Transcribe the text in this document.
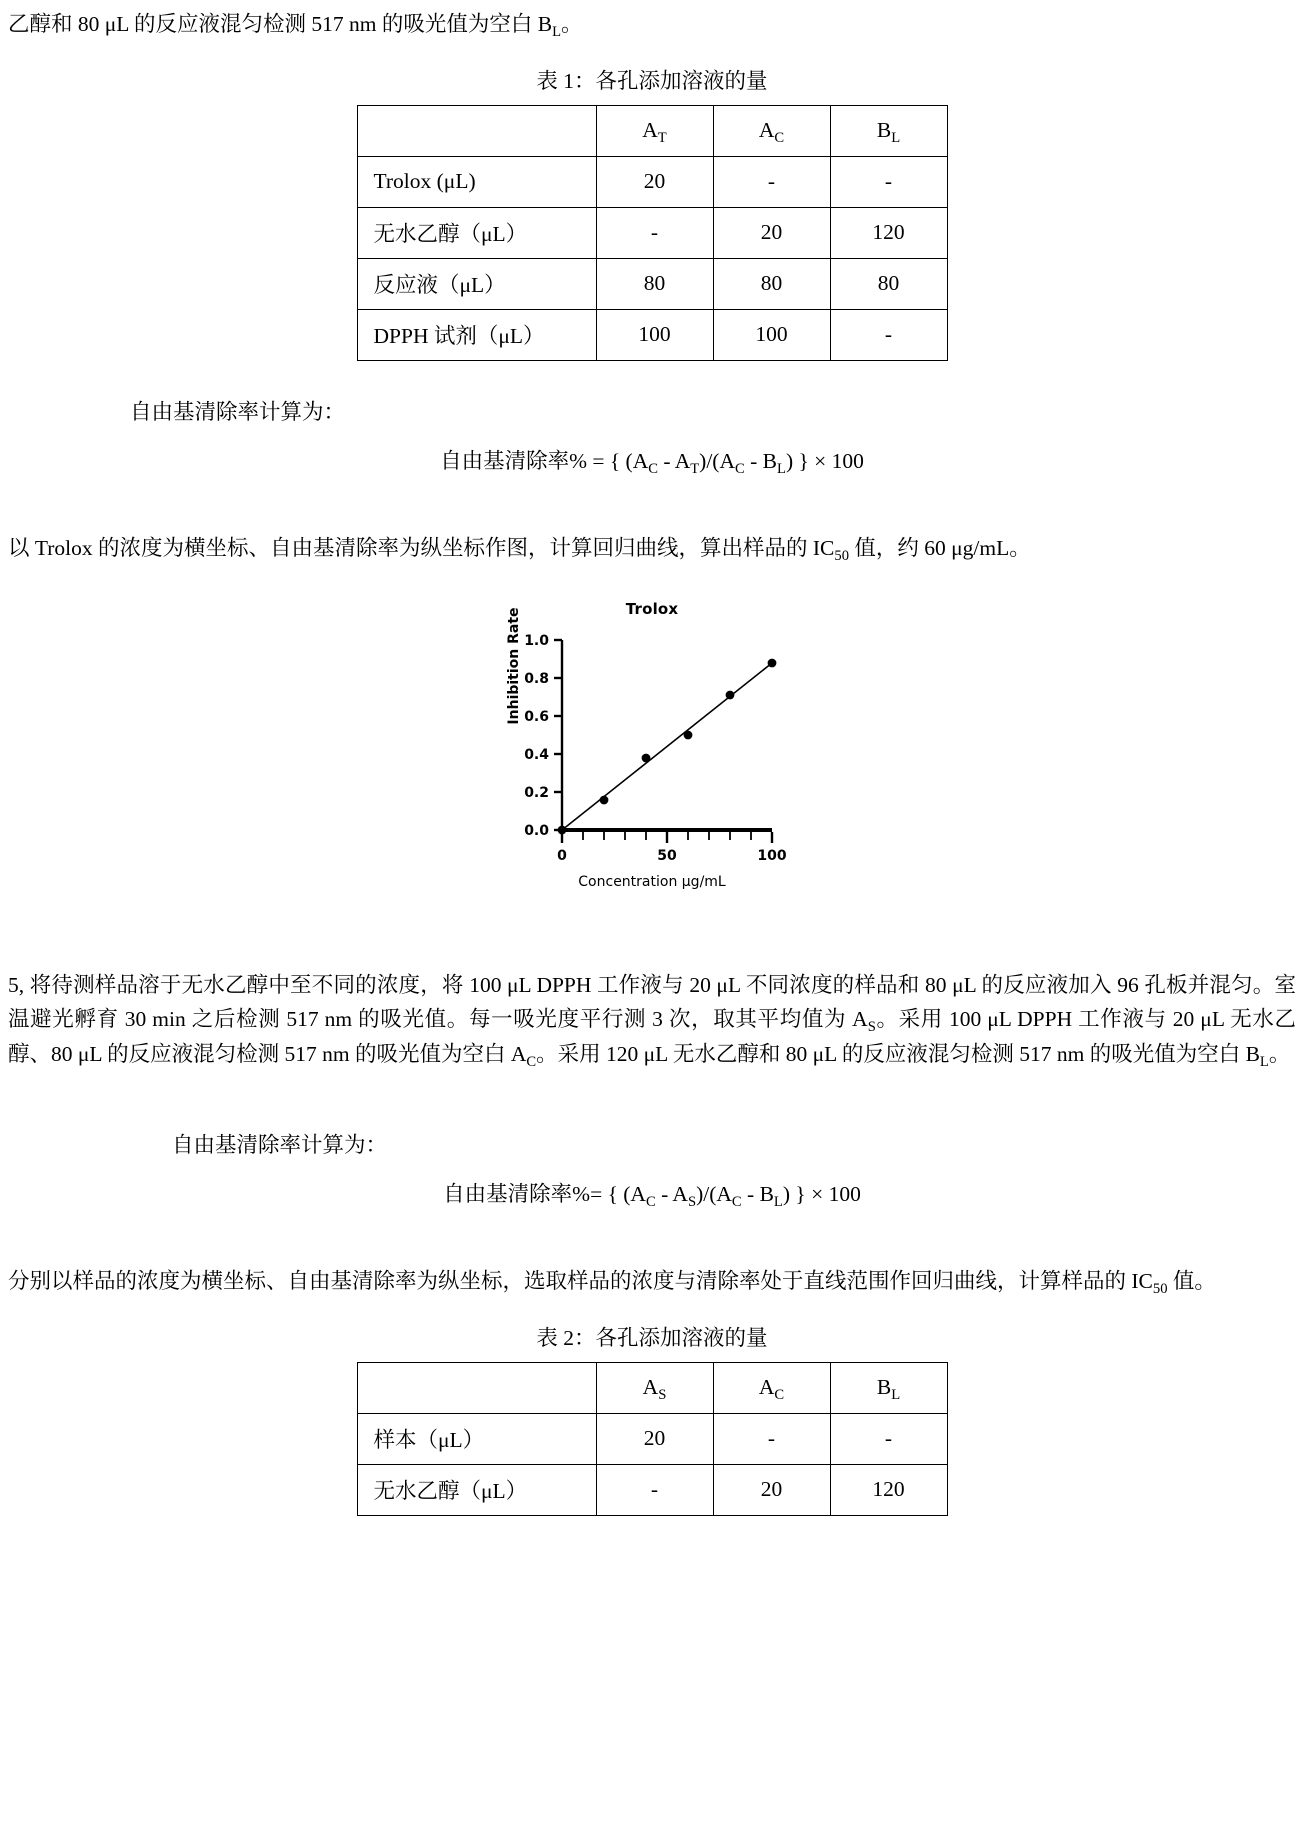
乙醇和 80 μL 的反应液混匀检测 517 nm 的吸光值为空白 $B_L$。

表 1：各孔添加溶液的量
	$A_T$	$A_C$	$B_L$
Trolox (μL)	20	-	-
无水乙醇（μL）	-	20	120
反应液（μL）	80	80	80
DPPH 试剂（μL）	100	100	-
自由基清除率计算为：
自由基清除率% = { $(A_C - A_T)/(A_C - B_L)$ } × 100

以 Trolox 的浓度为横坐标、自由基清除率为纵坐标作图，计算回归曲线，算出样品的 $IC_{50}$ 值，约 60 μg/mL。

Trolox
Inhibition Rate 1.0
0.8
0.6
0.4
0.2
0.0
0	50	100
Concentration μg/mL

5, 将待测样品溶于无水乙醇中至不同的浓度，将 100 μL DPPH 工作液与 20 μL 不同浓度的样品和 80 μL 的反应液加入 96 孔板并混匀。室温避光孵育 30 min 之后检测 517 nm 的吸光值。每一吸光度平行测 3 次，取其平均值为 $A_S$。采用 100 μL DPPH 工作液与 20 μL 无水乙醇、80 μL 的反应液混匀检测 517 nm 的吸光值为空白 $A_C$。采用 120 μL 无水乙醇和 80 μL 的反应液混匀检测 517 nm 的吸光值为空白 $B_L$。

自由基清除率计算为：
自由基清除率%= { $(A_C - A_S)/(A_C - B_L)$ } × 100

分别以样品的浓度为横坐标、自由基清除率为纵坐标，选取样品的浓度与清除率处于直线范围作回归曲线，计算样品的 $IC_{50}$ 值。

表 2：各孔添加溶液的量
	$A_S$	$A_C$	$B_L$
样本（μL）	20	-	-
无水乙醇（μL）	-	20	120
